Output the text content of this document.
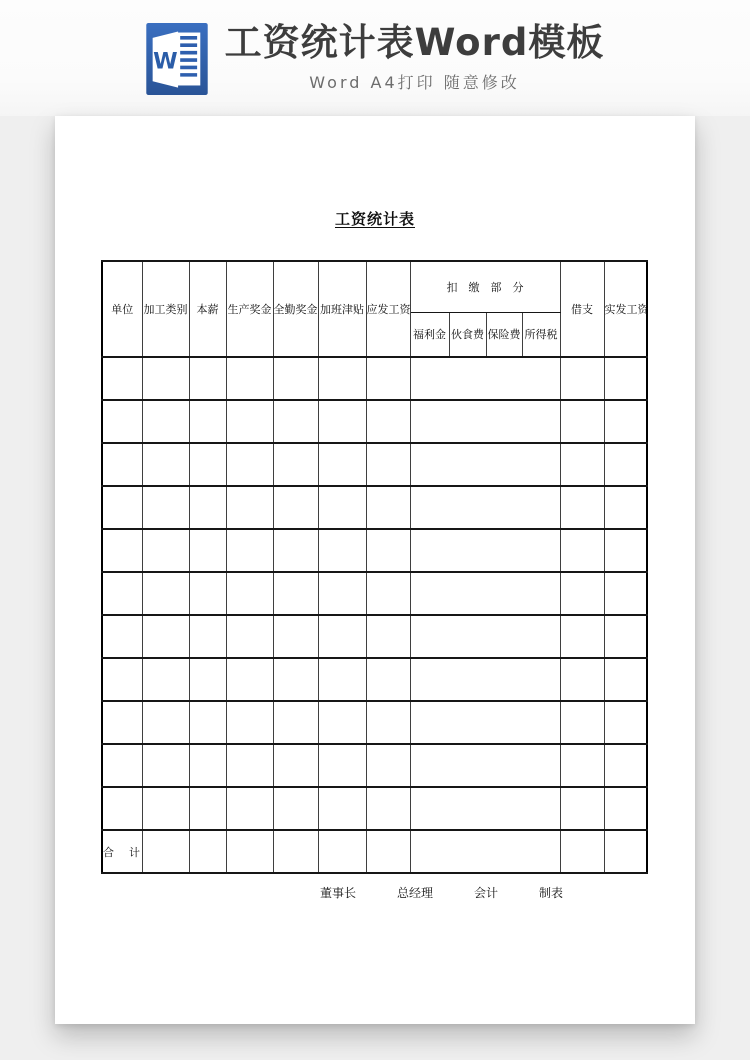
W 工资统计表Word模板
Word A4打印 随意修改
工资统计表
单位	加工类别	本薪	生产奖金	全勤奖金	加班津贴	应发工资	扣　缴　部　分				借支	实发工资
							福利金	伙食费	保险费	所得税		

合　计												
董事长	总经理	会计	制表
